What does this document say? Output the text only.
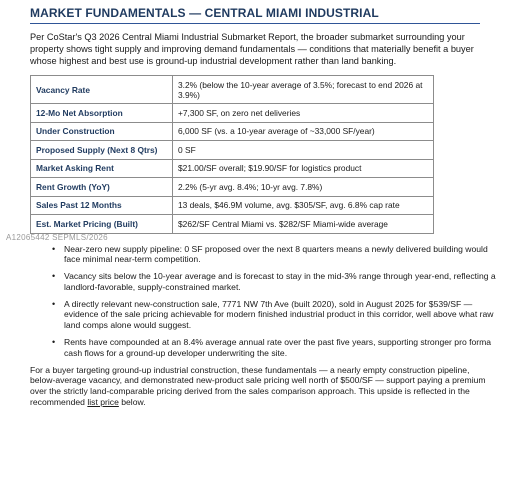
MARKET FUNDAMENTALS — CENTRAL MIAMI INDUSTRIAL

Per CoStar's Q3 2026 Central Miami Industrial Submarket Report, the broader submarket surrounding your property shows tight supply and improving demand fundamentals — conditions that materially benefit a buyer whose highest and best use is ground-up industrial development rather than land banking.

Vacancy Rate	3.2% (below the 10-year average of 3.5%; forecast to end 2026 at 3.9%)
12-Mo Net Absorption	+7,300 SF, on zero net deliveries
Under Construction	6,000 SF (vs. a 10-year average of ~33,000 SF/year)
Proposed Supply (Next 8 Qtrs)	0 SF
Market Asking Rent	$21.00/SF overall; $19.90/SF for logistics product
Rent Growth (YoY)	2.2% (5-yr avg. 8.4%; 10-yr avg. 7.8%)
Sales Past 12 Months	13 deals, $46.9M volume, avg. $305/SF, avg. 6.8% cap rate
Est. Market Pricing (Built)	$262/SF Central Miami vs. $282/SF Miami-wide average
A12065442 SEPMLS/2026
• Near-zero new supply pipeline: 0 SF proposed over the next 8 quarters means a newly delivered building would face minimal near-term competition.
• Vacancy sits below the 10-year average and is forecast to stay in the mid-3% range through year-end, reflecting a landlord-favorable, supply-constrained market.
• A directly relevant new-construction sale, 7771 NW 7th Ave (built 2020), sold in August 2025 for $539/SF — evidence of the sale pricing achievable for modern finished industrial product in this corridor, well above what raw land comps alone would suggest.
• Rents have compounded at an 8.4% average annual rate over the past five years, supporting stronger pro forma cash flows for a ground-up developer underwriting the site.

For a buyer targeting ground-up industrial construction, these fundamentals — a nearly empty construction pipeline, below-average vacancy, and demonstrated new-product sale pricing well north of $500/SF — support paying a premium over the strictly land-comparable pricing derived from the sales comparison approach. This upside is reflected in the recommended list price below.
